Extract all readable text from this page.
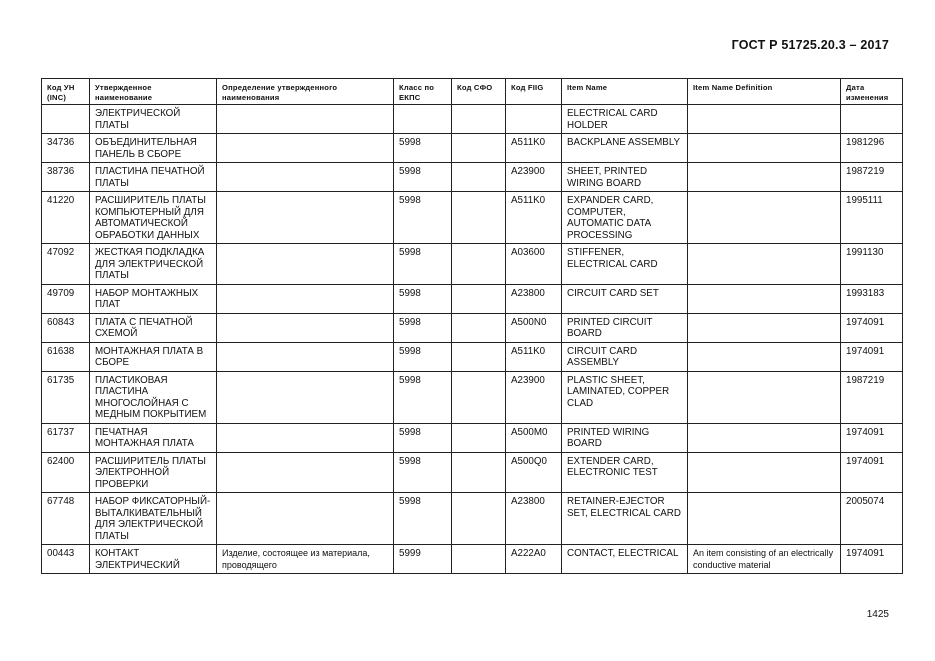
ГОСТ Р 51725.20.3 – 2017
Код УН (INC)	Утвержденное наименование	Определение утвержденного наименования	Класс по ЕКПС	Код СФО	Код FIIG	Item Name	Item Name Definition	Дата изменения
	ЭЛЕКТРИЧЕСКОЙ ПЛАТЫ					ELECTRICAL CARD HOLDER		
34736	ОБЪЕДИНИТЕЛЬНАЯ ПАНЕЛЬ В СБОРЕ		5998		A511K0	BACKPLANE ASSEMBLY		1981296
38736	ПЛАСТИНА ПЕЧАТНОЙ ПЛАТЫ		5998		A23900	SHEET, PRINTED WIRING BOARD		1987219
41220	РАСШИРИТЕЛЬ ПЛАТЫ КОМПЬЮТЕРНЫЙ ДЛЯ АВТОМАТИЧЕСКОЙ ОБРАБОТКИ ДАННЫХ		5998		A511K0	EXPANDER CARD, COMPUTER, AUTOMATIC DATA PROCESSING		1995111
47092	ЖЕСТКАЯ ПОДКЛАДКА ДЛЯ ЭЛЕКТРИЧЕСКОЙ ПЛАТЫ		5998		A03600	STIFFENER, ELECTRICAL CARD		1991130
49709	НАБОР МОНТАЖНЫХ ПЛАТ		5998		A23800	CIRCUIT CARD SET		1993183
60843	ПЛАТА С ПЕЧАТНОЙ СХЕМОЙ		5998		A500N0	PRINTED CIRCUIT BOARD		1974091
61638	МОНТАЖНАЯ ПЛАТА В СБОРЕ		5998		A511K0	CIRCUIT CARD ASSEMBLY		1974091
61735	ПЛАСТИКОВАЯ ПЛАСТИНА МНОГОСЛОЙНАЯ С МЕДНЫМ ПОКРЫТИЕМ		5998		A23900	PLASTIC SHEET, LAMINATED, COPPER CLAD		1987219
61737	ПЕЧАТНАЯ МОНТАЖНАЯ ПЛАТА		5998		A500M0	PRINTED WIRING BOARD		1974091
62400	РАСШИРИТЕЛЬ ПЛАТЫ ЭЛЕКТРОННОЙ ПРОВЕРКИ		5998		A500Q0	EXTENDER CARD, ELECTRONIC TEST		1974091
67748	НАБОР ФИКСАТОРНЫЙ-ВЫТАЛКИВАТЕЛЬНЫЙ ДЛЯ ЭЛЕКТРИЧЕСКОЙ ПЛАТЫ		5998		A23800	RETAINER-EJECTOR SET, ELECTRICAL CARD		2005074
00443	КОНТАКТ ЭЛЕКТРИЧЕСКИЙ	Изделие, состоящее из материала, проводящего	5999		A222A0	CONTACT, ELECTRICAL	An item consisting of an electrically conductive material	1974091
1425
